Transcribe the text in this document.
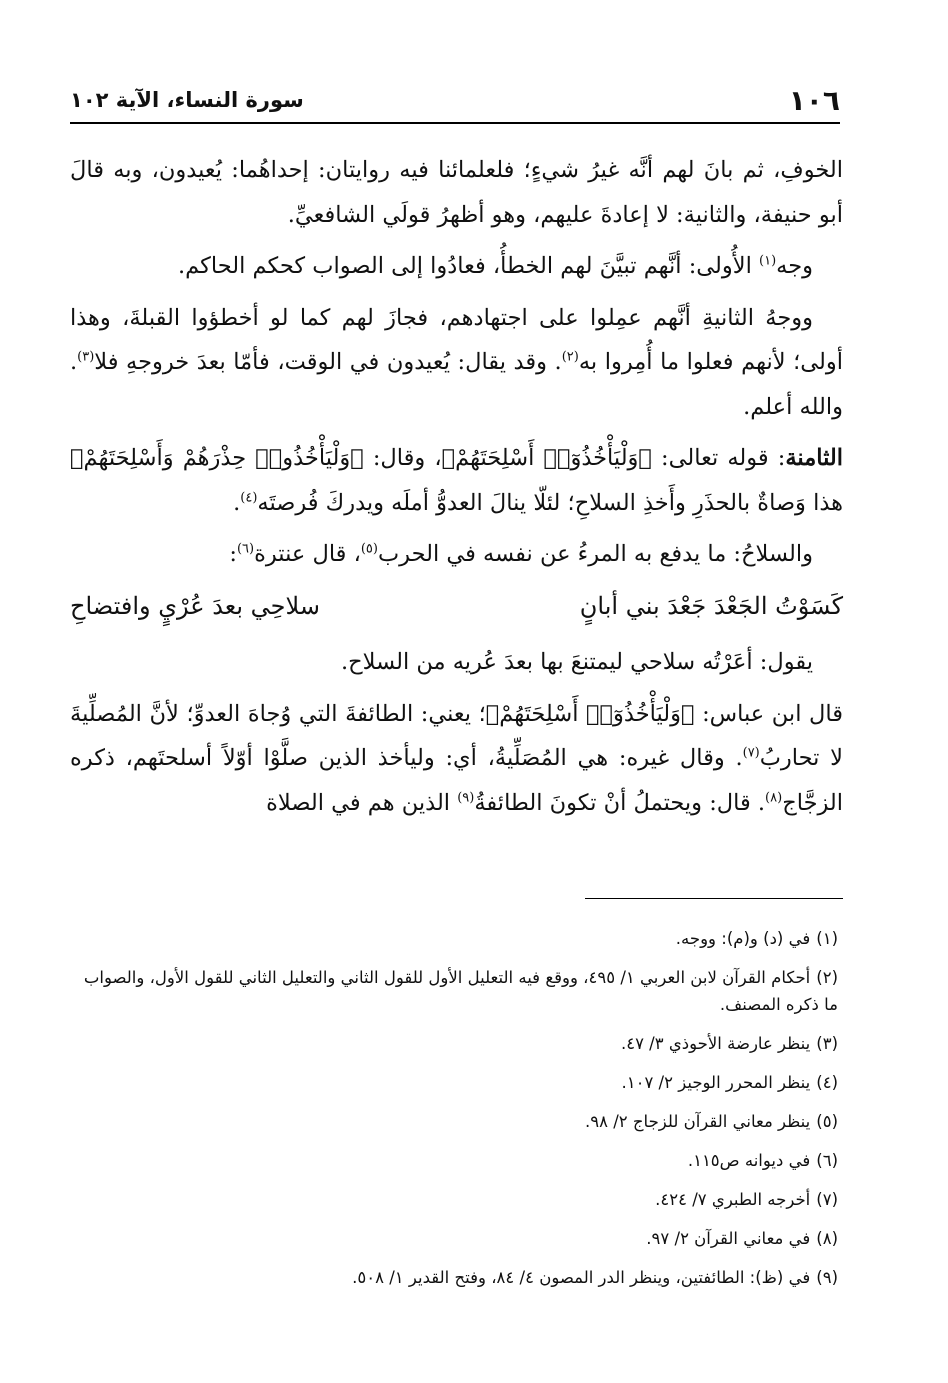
١٠٦
سورة النساء، الآية ١٠٢

الخوفِ، ثم بانَ لهم أنَّه غيرُ شيءٍ؛ فلعلمائنا فيه روايتان: إحداهُما: يُعيدون، وبه قالَ أبو حنيفة، والثانية: لا إعادةَ عليهم، وهو أظهرُ قولَي الشافعيِّ.

وجه$^{(١)}$ الأُولى: أنَّهم تبيَّنَ لهم الخطأُ، فعادُوا إلى الصواب كحكم الحاكم.

ووجهُ الثانيةِ أنَّهم عمِلوا على اجتهادهم، فجازَ لهم كما لو أخطؤوا القبلةَ، وهذا أولى؛ لأنهم فعلوا ما أُمِروا به$^{(٢)}$. وقد يقال: يُعيدون في الوقت، فأمّا بعدَ خروجهِ فلا$^{(٣)}$. والله أعلم.

الثامنة: قوله تعالى: ﴿وَلْيَأْخُذُوٓا۟ أَسْلِحَتَهُمْ﴾، وقال: ﴿وَلْيَأْخُذُوا۟ حِذْرَهُمْ وَأَسْلِحَتَهُمْ﴾ هذا وَصاةٌ بالحذَرِ وأَخذِ السلاحِ؛ لئلّا ينالَ العدوُّ أملَه ويدركَ فُرصتَه$^{(٤)}$.

والسلاحُ: ما يدفع به المرءُ عن نفسه في الحرب$^{(٥)}$، قال عنترة$^{(٦)}$:

كَسَوْتُ الجَعْدَ جَعْدَ بني أبانٍ
سلاحِي بعدَ عُرْيٍ وافتضاحِ

يقول: أعَرْتُه سلاحي ليمتنعَ بها بعدَ عُريه من السلاح.

قال ابن عباس: ﴿وَلْيَأْخُذُوٓا۟ أَسْلِحَتَهُمْ﴾؛ يعني: الطائفةَ التي وُجاهَ العدوِّ؛ لأنَّ المُصلِّيةَ لا تحاربُ$^{(٧)}$. وقال غيره: هي المُصَلِّيةُ، أي: وليأخذ الذين صلَّوْا أوّلاً أسلحتَهم، ذكره الزجَّاج$^{(٨)}$. قال: ويحتملُ أنْ تكونَ الطائفةُ$^{(٩)}$ الذين هم في الصلاة

(١)في (د) و(م): ووجه.

(٢)أحكام القرآن لابن العربي ١/ ٤٩٥، ووقع فيه التعليل الأول للقول الثاني والتعليل الثاني للقول الأول، والصواب ما ذكره المصنف.

(٣)ينظر عارضة الأحوذي ٣/ ٤٧.

(٤)ينظر المحرر الوجيز ٢/ ١٠٧.

(٥)ينظر معاني القرآن للزجاج ٢/ ٩٨.

(٦)في ديوانه ص١١٥.

(٧)أخرجه الطبري ٧/ ٤٢٤.

(٨)في معاني القرآن ٢/ ٩٧.

(٩)في (ظ): الطائفتين، وينظر الدر المصون ٤/ ٨٤، وفتح القدير ١/ ٥٠٨.
